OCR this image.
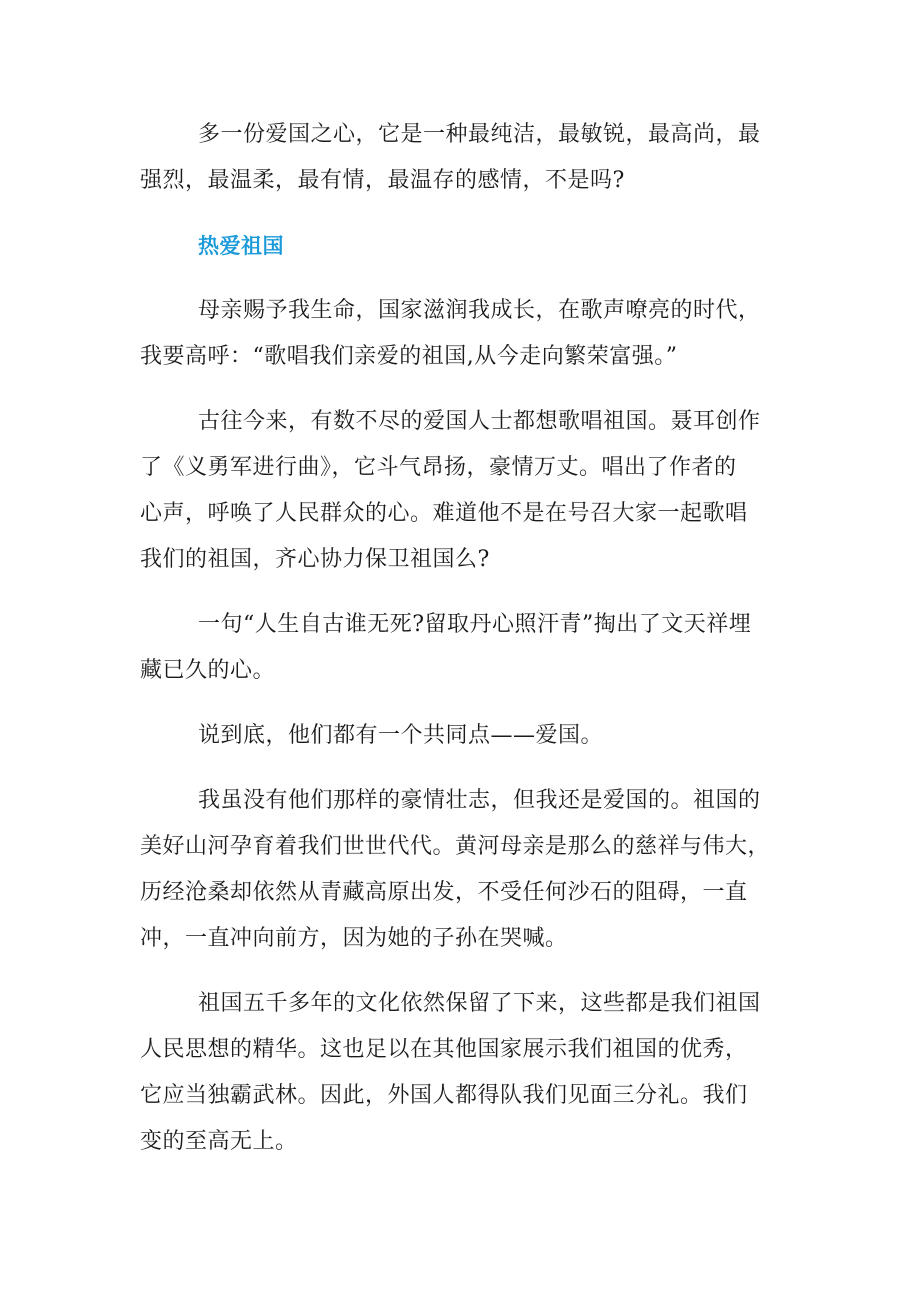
多一份爱国之心，它是一种最纯洁，最敏锐，最高尚，最
强烈，最温柔，最有情，最温存的感情，不是吗?

热爱祖国

母亲赐予我生命，国家滋润我成长，在歌声嘹亮的时代，
我要高呼：“歌唱我们亲爱的祖国,从今走向繁荣富强。”

古往今来，有数不尽的爱国人士都想歌唱祖国。聂耳创作
了《义勇军进行曲》，它斗气昂扬，豪情万丈。唱出了作者的
心声，呼唤了人民群众的心。难道他不是在号召大家一起歌唱
我们的祖国，齐心协力保卫祖国么?

一句“人生自古谁无死?留取丹心照汗青”掏出了文天祥埋
藏已久的心。

说到底，他们都有一个共同点——爱国。

我虽没有他们那样的豪情壮志，但我还是爱国的。祖国的
美好山河孕育着我们世世代代。黄河母亲是那么的慈祥与伟大，
历经沧桑却依然从青藏高原出发，不受任何沙石的阻碍，一直
冲，一直冲向前方，因为她的子孙在哭喊。

祖国五千多年的文化依然保留了下来，这些都是我们祖国
人民思想的精华。这也足以在其他国家展示我们祖国的优秀，
它应当独霸武林。因此，外国人都得队我们见面三分礼。我们
变的至高无上。
